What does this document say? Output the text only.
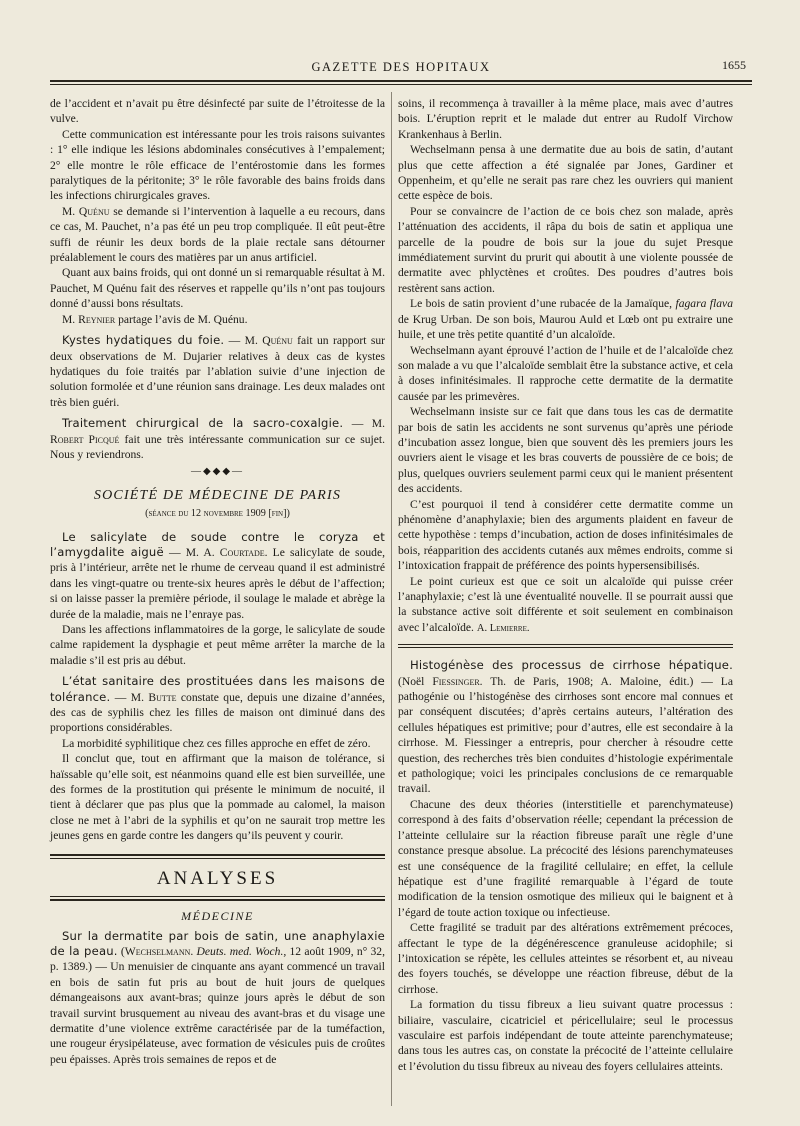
GAZETTE DES HOPITAUX	1655

de l’accident et n’avait pu être désinfecté par suite de l’étroitesse de la vulve.

Cette communication est intéressante pour les trois raisons suivantes : 1° elle indique les lésions abdominales consécutives à l’empalement; 2° elle montre le rôle efficace de l’entérostomie dans les formes paralytiques de la péritonite; 3° le rôle favorable des bains froids dans les infections chirurgicales graves.

M. Quénu se demande si l’intervention à laquelle a eu recours, dans ce cas, M. Pauchet, n’a pas été un peu trop compliquée. Il eût peut-être suffi de réunir les deux bords de la plaie rectale sans détourner préalablement le cours des matières par un anus artificiel.

Quant aux bains froids, qui ont donné un si remarquable résultat à M. Pauchet, M Quénu fait des réserves et rappelle qu’ils n’ont pas toujours donné d’aussi bons résultats.

M. Reynier partage l’avis de M. Quénu.

Kystes hydatiques du foie. — M. Quénu fait un rapport sur deux observations de M. Dujarier relatives à deux cas de kystes hydatiques du foie traités par l’ablation suivie d’une injection de solution formolée et d’une réunion sans drainage. Les deux malades ont très bien guéri.

Traitement chirurgical de la sacro-coxalgie. — M. Robert Picqué fait une très intéressante communication sur ce sujet. Nous y reviendrons.

—◆◆◆—
SOCIÉTÉ DE MÉDECINE DE PARIS
(séance du 12 novembre 1909 [fin])

Le salicylate de soude contre le coryza et l’amygdalite aiguë — M. A. Courtade. Le salicylate de soude, pris à l’intérieur, arrête net le rhume de cerveau quand il est administré dans les vingt-quatre ou trente-six heures après le début de l’affection; si on laisse passer la première période, il soulage le malade et abrège la durée de la maladie, mais ne l’enraye pas.

Dans les affections inflammatoires de la gorge, le salicylate de soude calme rapidement la dysphagie et peut même arrêter la marche de la maladie s’il est pris au début.

L’état sanitaire des prostituées dans les maisons de tolérance. — M. Butte constate que, depuis une dizaine d’années, des cas de syphilis chez les filles de maison ont diminué dans des proportions considérables.

La morbidité syphilitique chez ces filles approche en effet de zéro.

Il conclut que, tout en affirmant que la maison de tolérance, si haïssable qu’elle soit, est néanmoins quand elle est bien surveillée, une des formes de la prostitution qui présente le minimum de nocuité, il tient à déclarer que pas plus que la pommade au calomel, la maison close ne met à l’abri de la syphilis et qu’on ne saurait trop mettre les jeunes gens en garde contre les dangers qu’ils peuvent y courir.

ANALYSES
MÉDECINE

Sur la dermatite par bois de satin, une anaphylaxie de la peau. (Wechselmann. Deuts. med. Woch., 12 août 1909, n° 32, p. 1389.) — Un menuisier de cinquante ans ayant commencé un travail en bois de satin fut pris au bout de huit jours de quelques démangeaisons aux avant-bras; quinze jours après le début de son travail survint brusquement au niveau des avant-bras et du visage une dermatite d’une violence extrême caractérisée par de la tuméfaction, une rougeur érysipélateuse, avec formation de vésicules puis de croûtes peu épaisses. Après trois semaines de repos et de

soins, il recommença à travailler à la même place, mais avec d’autres bois. L’éruption reprit et le malade dut entrer au Rudolf Virchow Krankenhaus à Berlin.

Wechselmann pensa à une dermatite due au bois de satin, d’autant plus que cette affection a été signalée par Jones, Gardiner et Oppenheim, et qu’elle ne serait pas rare chez les ouvriers qui manient cette espèce de bois.

Pour se convaincre de l’action de ce bois chez son malade, après l’atténuation des accidents, il râpa du bois de satin et appliqua une parcelle de la poudre de bois sur la joue du sujet Presque immédiatement survint du prurit qui aboutit à une violente poussée de dermatite avec phlyctènes et croûtes. Des poudres d’autres bois restèrent sans action.

Le bois de satin provient d’une rubacée de la Jamaïque, fagara flava de Krug Urban. De son bois, Maurou Auld et Lœb ont pu extraire une huile, et une très petite quantité d’un alcaloïde.

Wechselmann ayant éprouvé l’action de l’huile et de l’alcaloïde chez son malade a vu que l’alcaloïde semblait être la substance active, et cela à doses infinitésimales. Il rapproche cette dermatite de la dermatite causée par les primevères.

Wechselmann insiste sur ce fait que dans tous les cas de dermatite par bois de satin les accidents ne sont survenus qu’après une période d’incubation assez longue, bien que souvent dès les premiers jours les ouvriers aient le visage et les bras couverts de poussière de ce bois; de plus, quelques ouvriers seulement parmi ceux qui le manient présentent des accidents.

C’est pourquoi il tend à considérer cette dermatite comme un phénomène d’anaphylaxie; bien des arguments plaident en faveur de cette hypothèse : temps d’incubation, action de doses infinitésimales de bois, réapparition des accidents cutanés aux mêmes endroits, comme si l’intoxication frappait de préférence des points hypersensibilisés.

Le point curieux est que ce soit un alcaloïde qui puisse créer l’anaphylaxie; c’est là une éventualité nouvelle. Il se pourrait aussi que la substance active soit différente et soit seulement en combinaison avec l’alcaloïde. A. Lemierre.

Histogénèse des processus de cirrhose hépatique. (Noël Fiessinger. Th. de Paris, 1908; A. Maloine, édit.) — La pathogénie ou l’histogénèse des cirrhoses sont encore mal connues et par conséquent discutées; d’après certains auteurs, l’altération des cellules hépatiques est primitive; pour d’autres, elle est secondaire à la cirrhose. M. Fiessinger a entrepris, pour chercher à résoudre cette question, des recherches très bien conduites d’histologie expérimentale et pathologique; voici les principales conclusions de ce remarquable travail.

Chacune des deux théories (interstitielle et parenchymateuse) correspond à des faits d’observation réelle; cependant la précession de l’atteinte cellulaire sur la réaction fibreuse paraît une règle d’une constance presque absolue. La précocité des lésions parenchymateuses est une conséquence de la fragilité cellulaire; en effet, la cellule hépatique est d’une fragilité remarquable à l’égard de toute modification de la tension osmotique des milieux qui le baignent et à l’égard de toute action toxique ou infectieuse.

Cette fragilité se traduit par des altérations extrêmement précoces, affectant le type de la dégénérescence granuleuse acidophile; si l’intoxication se répète, les cellules atteintes se résorbent et, au niveau des foyers touchés, se développe une réaction fibreuse, début de la cirrhose.

La formation du tissu fibreux a lieu suivant quatre processus : biliaire, vasculaire, cicatriciel et péricellulaire; seul le processus vasculaire est parfois indépendant de toute atteinte parenchymateuse; dans tous les autres cas, on constate la précocité de l’atteinte cellulaire et l’évolution du tissu fibreux au niveau des foyers cellulaires atteints.
